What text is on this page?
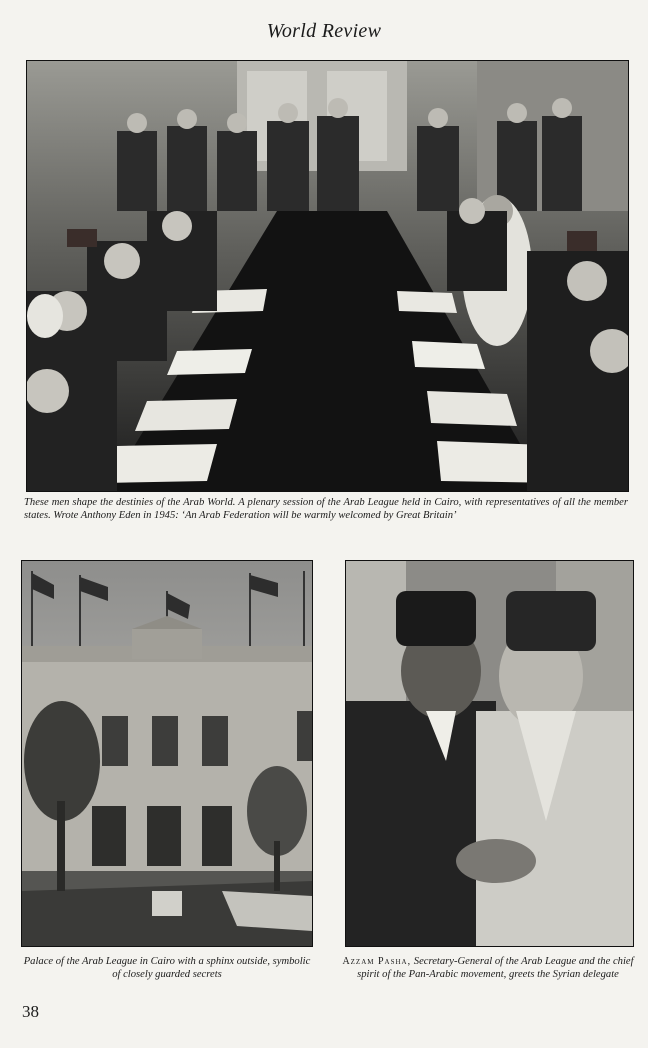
World Review
These men shape the destinies of the Arab World. A plenary session of the Arab League held in Cairo, with representatives of all the member states. Wrote Anthony Eden in 1945: ‘An Arab Federation will be warmly welcomed by Great Britain’
Palace of the Arab League in Cairo with a sphinx outside, symbolic of closely guarded secrets
Azzam Pasha, Secretary-General of the Arab League and the chief spirit of the Pan-Arabic movement, greets the Syrian delegate
38
